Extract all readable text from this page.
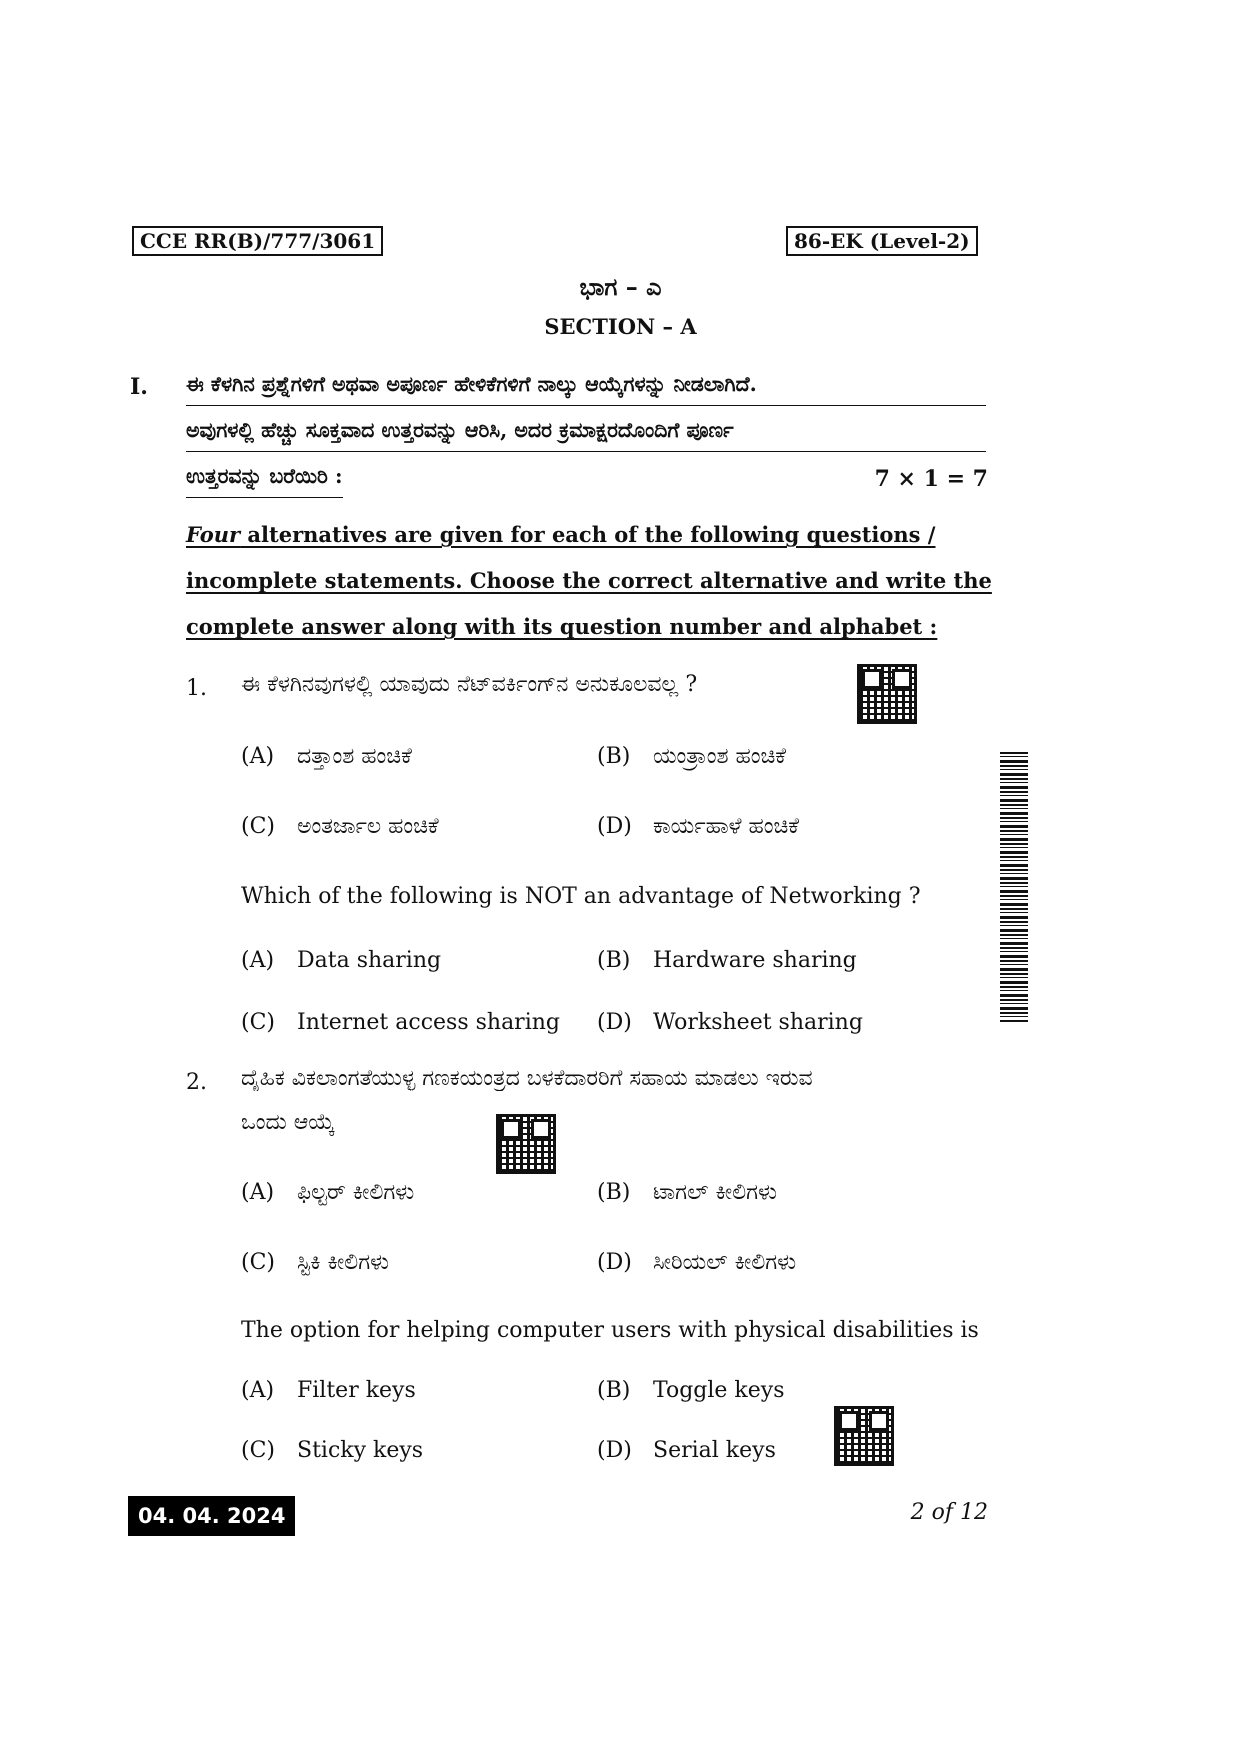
CCE RR(B)/777/3061	86-EK (Level-2)
ಭಾಗ – ಎ
SECTION – A
I. ಈ ಕೆಳಗಿನ ಪ್ರಶ್ನೆಗಳಿಗೆ ಅಥವಾ ಅಪೂರ್ಣ ಹೇಳಿಕೆಗಳಿಗೆ ನಾಲ್ಕು ಆಯ್ಕೆಗಳನ್ನು ನೀಡಲಾಗಿದೆ.
ಅವುಗಳಲ್ಲಿ ಹೆಚ್ಚು ಸೂಕ್ತವಾದ ಉತ್ತರವನ್ನು ಆರಿಸಿ, ಅದರ ಕ್ರಮಾಕ್ಷರದೊಂದಿಗೆ ಪೂರ್ಣ
ಉತ್ತರವನ್ನು ಬರೆಯಿರಿ :	7 × 1 = 7
Four alternatives are given for each of the following questions /
incomplete statements. Choose the correct alternative and write the
complete answer along with its question number and alphabet :
1. ಈ ಕೆಳಗಿನವುಗಳಲ್ಲಿ ಯಾವುದು ನೆಟ್‌ವರ್ಕಿಂಗ್‌ನ ಅನುಕೂಲವಲ್ಲ ?
(A) ದತ್ತಾಂಶ ಹಂಚಿಕೆ	(B) ಯಂತ್ರಾಂಶ ಹಂಚಿಕೆ
(C) ಅಂತರ್ಜಾಲ ಹಂಚಿಕೆ	(D) ಕಾರ್ಯಹಾಳೆ ಹಂಚಿಕೆ
Which of the following is NOT an advantage of Networking ?
(A) Data sharing	(B) Hardware sharing
(C) Internet access sharing (D) Worksheet sharing
2. ದೈಹಿಕ ವಿಕಲಾಂಗತೆಯುಳ್ಳ ಗಣಕಯಂತ್ರದ ಬಳಕೆದಾರರಿಗೆ ಸಹಾಯ ಮಾಡಲು ಇರುವ
ಒಂದು ಆಯ್ಕೆ
(A) ಫಿಲ್ಟರ್ ಕೀಲಿಗಳು	(B) ಟಾಗಲ್ ಕೀಲಿಗಳು
(C) ಸ್ಟಿಕಿ ಕೀಲಿಗಳು	(D) ಸೀರಿಯಲ್ ಕೀಲಿಗಳು
The option for helping computer users with physical disabilities is
(A) Filter keys	(B) Toggle keys
(C) Sticky keys	(D) Serial keys
04. 04. 2024	2 of 12
